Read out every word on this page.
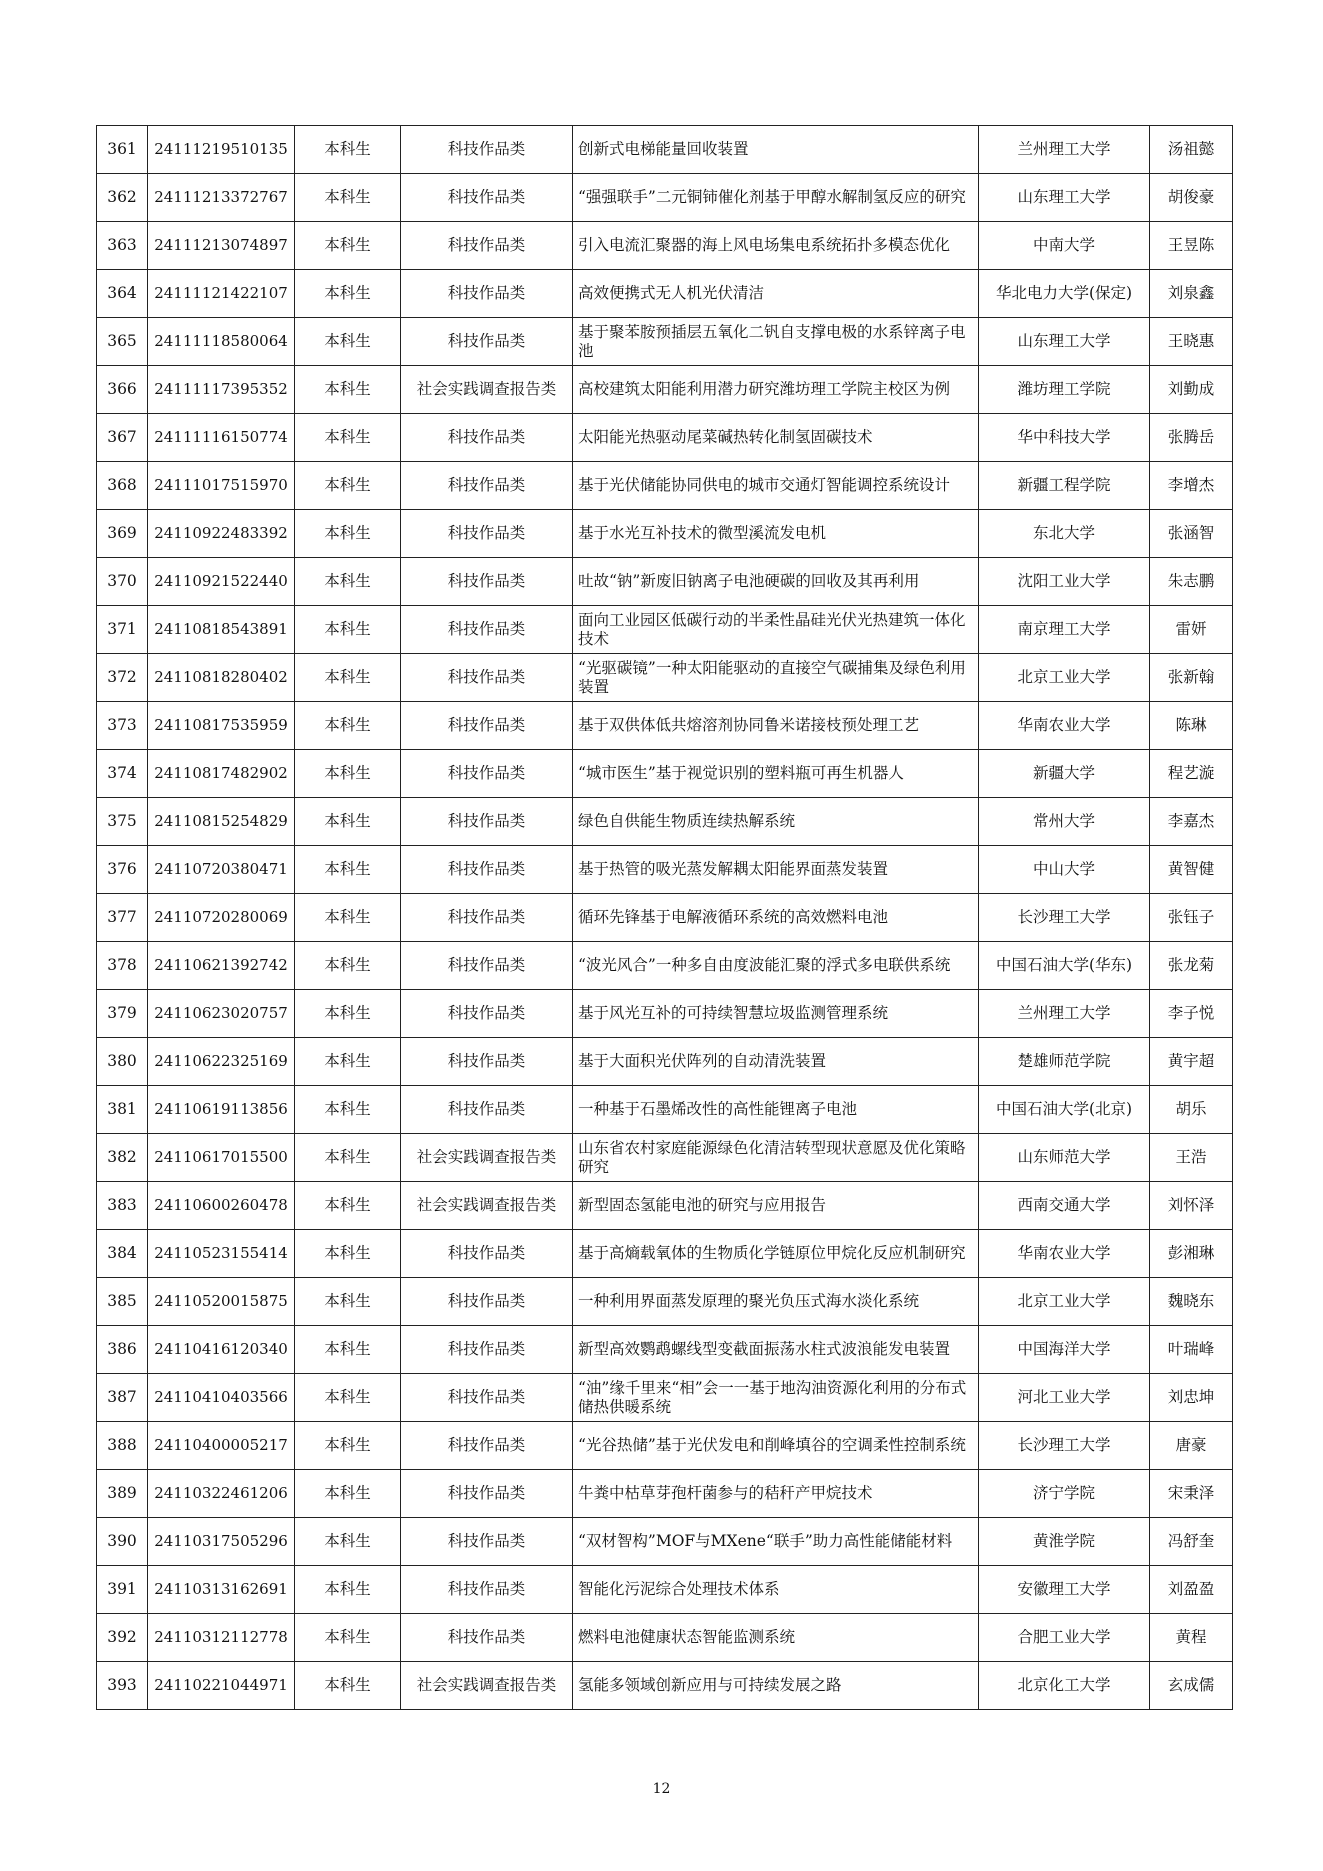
361	24111219510135	本科生	科技作品类	创新式电梯能量回收装置	兰州理工大学	汤祖懿
362	24111213372767	本科生	科技作品类	“强强联手”二元铜铈催化剂基于甲醇水解制氢反应的研究	山东理工大学	胡俊豪
363	24111213074897	本科生	科技作品类	引入电流汇聚器的海上风电场集电系统拓扑多模态优化	中南大学	王昱陈
364	24111121422107	本科生	科技作品类	高效便携式无人机光伏清洁	华北电力大学(保定)	刘泉鑫
365	24111118580064	本科生	科技作品类	基于聚苯胺预插层五氧化二钒自支撑电极的水系锌离子电池	山东理工大学	王晓惠
366	24111117395352	本科生	社会实践调查报告类	高校建筑太阳能利用潜力研究潍坊理工学院主校区为例	潍坊理工学院	刘勤成
367	24111116150774	本科生	科技作品类	太阳能光热驱动尾菜碱热转化制氢固碳技术	华中科技大学	张腾岳
368	24111017515970	本科生	科技作品类	基于光伏储能协同供电的城市交通灯智能调控系统设计	新疆工程学院	李增杰
369	24110922483392	本科生	科技作品类	基于水光互补技术的微型溪流发电机	东北大学	张涵智
370	24110921522440	本科生	科技作品类	吐故“钠”新废旧钠离子电池硬碳的回收及其再利用	沈阳工业大学	朱志鹏
371	24110818543891	本科生	科技作品类	面向工业园区低碳行动的半柔性晶硅光伏光热建筑一体化技术	南京理工大学	雷妍
372	24110818280402	本科生	科技作品类	“光驱碳镜”一种太阳能驱动的直接空气碳捕集及绿色利用装置	北京工业大学	张新翰
373	24110817535959	本科生	科技作品类	基于双供体低共熔溶剂协同鲁米诺接枝预处理工艺	华南农业大学	陈琳
374	24110817482902	本科生	科技作品类	“城市医生”基于视觉识别的塑料瓶可再生机器人	新疆大学	程艺漩
375	24110815254829	本科生	科技作品类	绿色自供能生物质连续热解系统	常州大学	李嘉杰
376	24110720380471	本科生	科技作品类	基于热管的吸光蒸发解耦太阳能界面蒸发装置	中山大学	黄智健
377	24110720280069	本科生	科技作品类	循环先锋基于电解液循环系统的高效燃料电池	长沙理工大学	张钰子
378	24110621392742	本科生	科技作品类	“波光风合”一种多自由度波能汇聚的浮式多电联供系统	中国石油大学(华东)	张龙菊
379	24110623020757	本科生	科技作品类	基于风光互补的可持续智慧垃圾监测管理系统	兰州理工大学	李子悦
380	24110622325169	本科生	科技作品类	基于大面积光伏阵列的自动清洗装置	楚雄师范学院	黄宇超
381	24110619113856	本科生	科技作品类	一种基于石墨烯改性的高性能锂离子电池	中国石油大学(北京)	胡乐
382	24110617015500	本科生	社会实践调查报告类	山东省农村家庭能源绿色化清洁转型现状意愿及优化策略研究	山东师范大学	王浩
383	24110600260478	本科生	社会实践调查报告类	新型固态氢能电池的研究与应用报告	西南交通大学	刘怀泽
384	24110523155414	本科生	科技作品类	基于高熵载氧体的生物质化学链原位甲烷化反应机制研究	华南农业大学	彭湘琳
385	24110520015875	本科生	科技作品类	一种利用界面蒸发原理的聚光负压式海水淡化系统	北京工业大学	魏晓东
386	24110416120340	本科生	科技作品类	新型高效鹦鹉螺线型变截面振荡水柱式波浪能发电装置	中国海洋大学	叶瑞峰
387	24110410403566	本科生	科技作品类	“油”缘千里来“相”会一一基于地沟油资源化利用的分布式储热供暖系统	河北工业大学	刘忠坤
388	24110400005217	本科生	科技作品类	“光谷热储”基于光伏发电和削峰填谷的空调柔性控制系统	长沙理工大学	唐豪
389	24110322461206	本科生	科技作品类	牛粪中枯草芽孢杆菌参与的秸秆产甲烷技术	济宁学院	宋秉泽
390	24110317505296	本科生	科技作品类	“双材智构”MOF与MXene“联手”助力高性能储能材料	黄淮学院	冯舒奎
391	24110313162691	本科生	科技作品类	智能化污泥综合处理技术体系	安徽理工大学	刘盈盈
392	24110312112778	本科生	科技作品类	燃料电池健康状态智能监测系统	合肥工业大学	黄程
393	24110221044971	本科生	社会实践调查报告类	氢能多领域创新应用与可持续发展之路	北京化工大学	玄成儒
12
